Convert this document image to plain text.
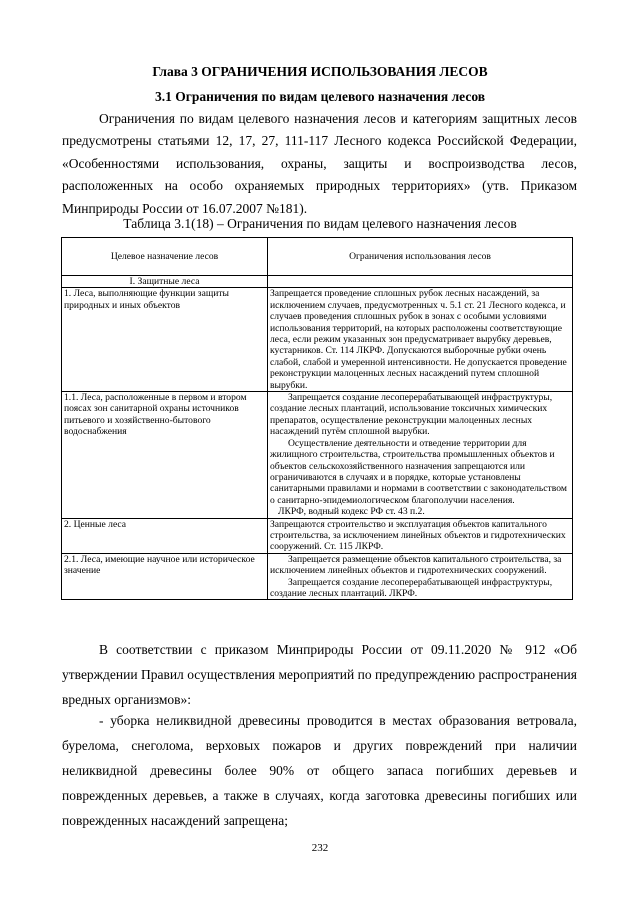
Глава 3 ОГРАНИЧЕНИЯ ИСПОЛЬЗОВАНИЯ ЛЕСОВ
3.1 Ограничения по видам целевого назначения лесов
Ограничения по видам целевого назначения лесов и категориям защитных лесов предусмотрены статьями 12, 17, 27, 111-117 Лесного кодекса Российской Федерации, «Особенностями использования, охраны, защиты и воспроизводства лесов, расположенных на особо охраняемых природных территориях» (утв. Приказом Минприроды России от 16.07.2007 №181).
Таблица 3.1(18) – Ограничения по видам целевого назначения лесов
Целевое назначение лесов	Ограничения использования лесов
I. Защитные леса	
1. Леса, выполняющие функции защиты природных и иных объектов	Запрещается проведение сплошных рубок лесных насаждений, за исключением случаев, предусмотренных ч. 5.1 ст. 21 Лесного кодекса, и случаев проведения сплошных рубок в зонах с особыми условиями использования территорий, на которых расположены соответствующие леса, если режим указанных зон предусматривает вырубку деревьев, кустарников. Ст. 114 ЛКРФ. Допускаются выборочные рубки очень слабой, слабой и умеренной интенсивности. Не допускается проведение реконструкции малоценных лесных насаждений путем сплошной вырубки.

1.1. Леса, расположенные в первом и втором поясах зон санитарной охраны источников питьевого и хозяйственно-бытового водоснабжения	Запрещается создание лесоперерабатывающей инфраструктуры, создание лесных плантаций, использование токсичных химических препаратов, осуществление реконструкции малоценных лесных насаждений путём сплошной вырубки.

Осуществление деятельности и отведение территории для жилищного строительства, строительства промышленных объектов и объектов сельскохозяйственного назначения запрещаются или ограничиваются в случаях и в порядке, которые установлены санитарными правилами и нормами в соответствии с законодательством о санитарно-эпидемиологическом благополучии населения.

ЛКРФ, водный кодекс РФ ст. 43 п.2.

2. Ценные леса	Запрещаются строительство и эксплуатация объектов капитального строительства, за исключением линейных объектов и гидротехнических сооружений. Ст. 115 ЛКРФ.

2.1. Леса, имеющие научное или историческое значение	Запрещается размещение объектов капитального строительства, за исключением линейных объектов и гидротехнических сооружений.

Запрещается создание лесоперерабатывающей инфраструктуры, создание лесных плантаций. ЛКРФ.

В соответствии с приказом Минприроды России от 09.11.2020 № 912 «Об утверждении Правил осуществления мероприятий по предупреждению распространения вредных организмов»:
- уборка неликвидной древесины проводится в местах образования ветровала, бурелома, снеголома, верховых пожаров и других повреждений при наличии неликвидной древесины более 90% от общего запаса погибших деревьев и поврежденных деревьев, а также в случаях, когда заготовка древесины погибших или поврежденных насаждений запрещена;
232
